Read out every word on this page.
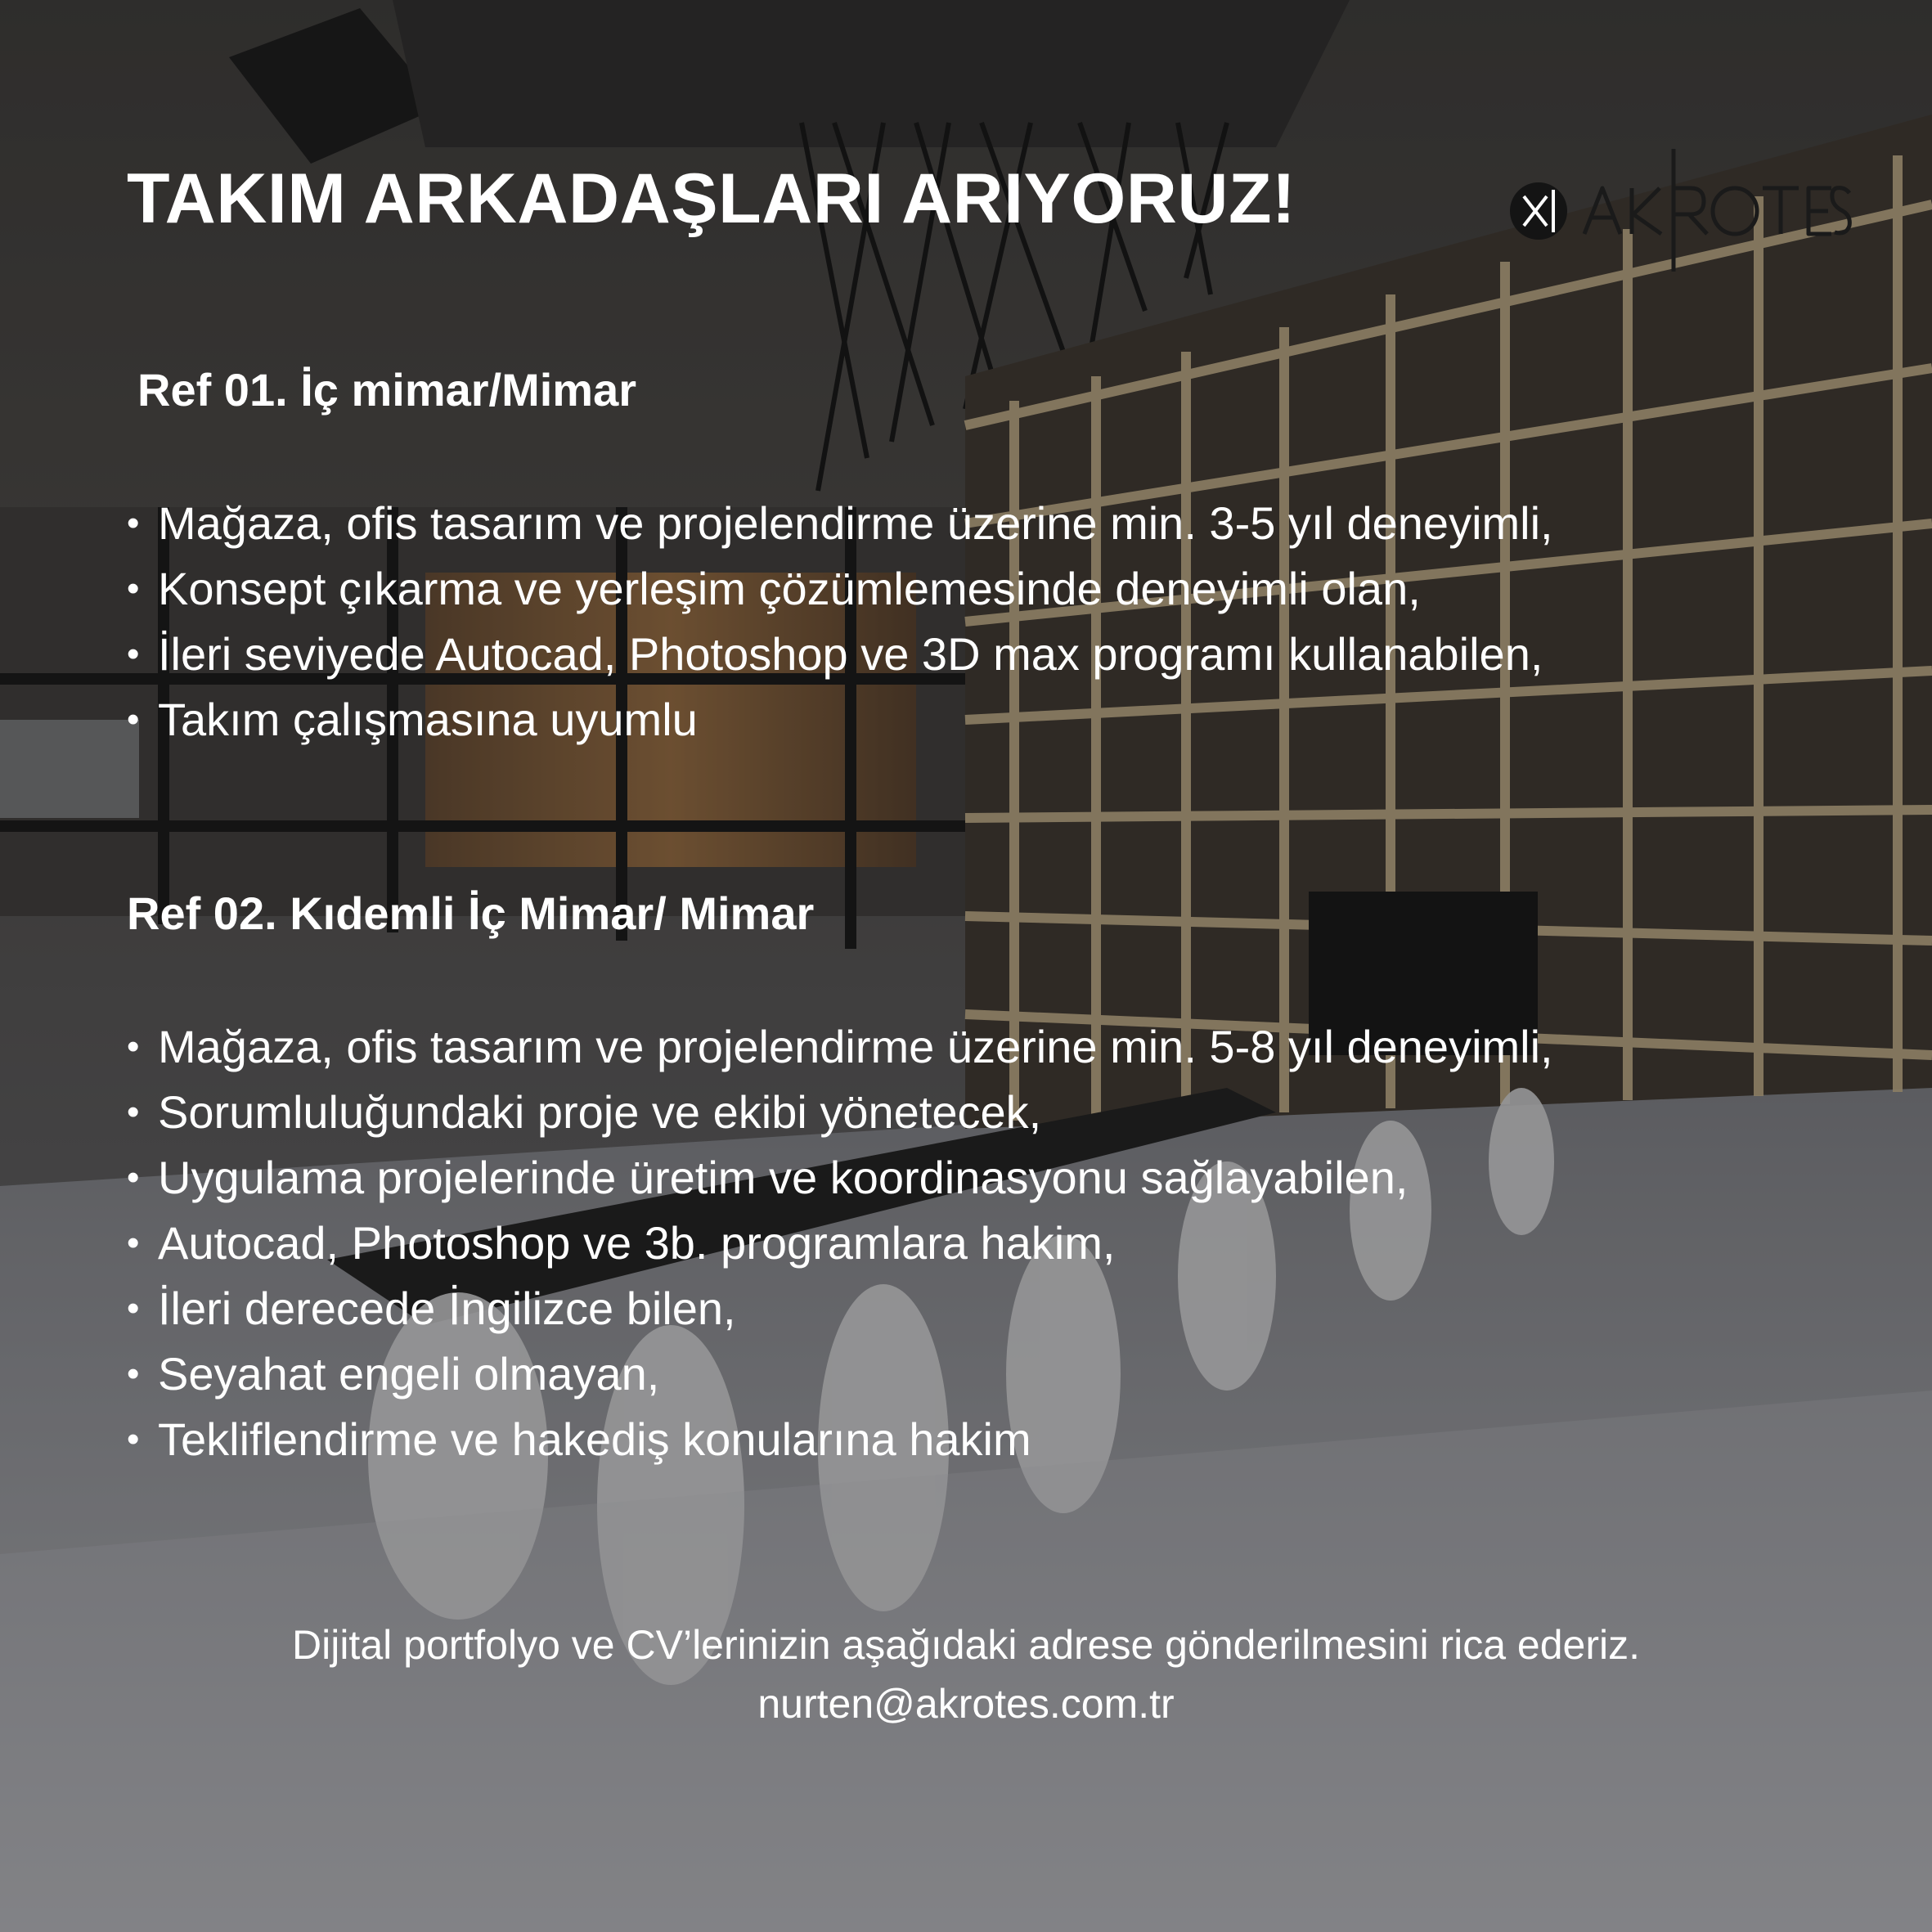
TAKIM ARKADAŞLARI ARIYORUZ!
Ref 01. İç mimar/Mimar
• Mağaza, ofis tasarım ve projelendirme üzerine min. 3-5 yıl deneyimli,
• Konsept çıkarma ve yerleşim çözümlemesinde deneyimli olan,
• İleri seviyede Autocad, Photoshop ve 3D max programı kullanabilen,
• Takım çalışmasına uyumlu
Ref 02. Kıdemli İç Mimar/ Mimar
• Mağaza, ofis tasarım ve projelendirme üzerine min. 5-8 yıl deneyimli,
• Sorumluluğundaki proje ve ekibi yönetecek,
• Uygulama projelerinde üretim ve koordinasyonu sağlayabilen,
• Autocad, Photoshop ve 3b. programlara hakim,
• İleri derecede İngilizce bilen,
• Seyahat engeli olmayan,
• Tekliflendirme ve hakediş konularına hakim
Dijital portfolyo ve CV’lerinizin aşağıdaki adrese gönderilmesini rica ederiz.
nurten@akrotes.com.tr
